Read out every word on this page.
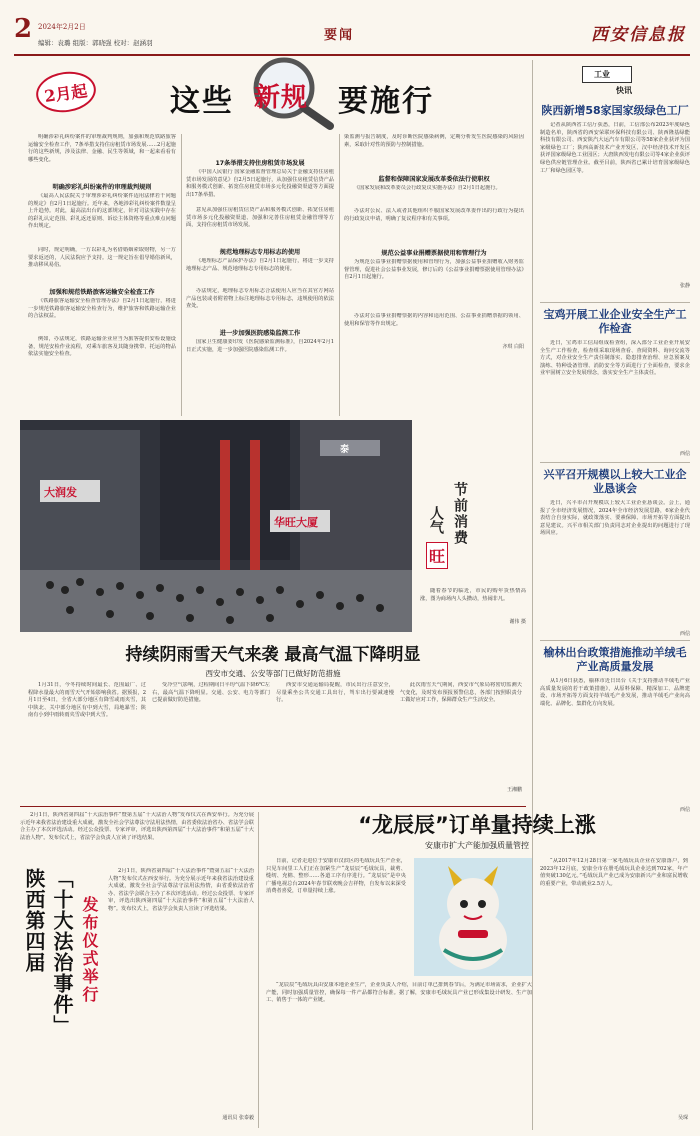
2 2024年2月2日
编辑：袁璐 组版：郭晓强 校对：赵涵羽	要闻	西安信息报
2月起	这些 新规 要施行
明确涉彩礼纠纷案件的审理裁判规则，加强和规范铁路旅客运输安全检查工作，7条举措支持住房租赁市场发展……2月起施行的这些新规，涉及法律、金融、民生等领域，和一起来看看有哪些变化。
明确涉彩礼纠纷案件的审理裁判规则
《最高人民法院关于审理涉彩礼纠纷案件适用法律若干问题的规定》自2月1日起施行。近年来，各地涉彩礼纠纷案件数量呈上升趋势。对此，最高法出台的这部规定，针对司法实践中存在的彩礼认定范围、彩礼返还原则、诉讼主体资格等重点难点问题作出规定。
同时，规定明确，一方以彩礼为名借婚姻索取财物，另一方要求返还的，人民法院应予支持。这一规定旨在倡导婚俗新风，推动移风易俗。
加强和规范铁路旅客运输安全检查工作
《铁路旅客运输安全检查管理办法》自2月1日起施行，将进一步规范铁路旅客运输安全检查行为，维护旅客和铁路运输企业的合法权益。
例如，办法规定，铁路运输企业应当为旅客提供安检设施设备，规范安检作业流程，对乘车旅客及其随身携带、托运的物品依法实施安全检查。
17条举措支持住房租赁市场发展
《中国人民银行 国家金融监督管理总局关于金融支持住房租赁市场发展的意见》自2月5日起施行，从加强住房租赁信贷产品和服务模式创新、拓宽住房租赁市场多元化投融资渠道等方面提出17条举措。
意见从加强住房租赁信贷产品和服务模式创新、拓宽住房租赁市场多元化投融资渠道、加强和完善住房租赁金融管理等方面，支持住房租赁市场发展。
规范地理标志专用标志的使用
《地理标志产品保护办法》自2月1日起施行，将进一步支持地理标志产品、规范地理标志专用标志的使用。
办法规定，地理标志专用标志合法使用人应当在其官方网站产品包装或者附着物上标注地理标志专用标志，违规使用的依法查处。
进一步加强医院感染监测工作
国家卫生健康委印发《医院感染监测标准》，自2024年2月1日正式实施，进一步加强医院感染监测工作。
染监测与报告制度，及时诊断医院感染病例，定期分析发生医院感染的风险因素，采取针对性的预防与控制措施。
监督和保障国家发展改革委依法行使职权
《国家发展和改革委员会行政复议实施办法》自2月1日起施行。
办法对公民、法人或者其他组织不服国家发展改革委作出的行政行为提出的行政复议申请，明确了复议程序和有关事项。
规范公益事业捐赠票据使用和管理行为
为规范公益事业捐赠票据使用和管理行为，加强公益事业捐赠收入财务监督管理，促进社会公益事业发展，修订后的《公益事业捐赠票据使用管理办法》自2月1日起施行。
办法对公益事业捐赠票据的内容和适用范围、公益事业捐赠票据的领用、使用和保管等作出规定。
齐琪 白阳
工业
快讯
陕西新增58家国家级绿色工厂
记者从陕西省工信厅获悉，日前，工信部公布2023年度绿色制造名单，陕西省的西安荣联环保科技有限公司、陕西隆基绿能科技有限公司、西安陕汽大运汽车有限公司等58家企业获评为国家级绿色工厂；陕西高新技术产业开发区、汉中经济技术开发区获评国家级绿色工业园区；大唐陕西发电有限公司等4家企业获评绿色供应链管理企业。截至目前，陕西省已累计培育国家级绿色工厂和绿色园区等。
张静
宝鸡开展工业企业安全生产工作检查
近日，宝鸡市工信局组成检查组，深入部分工业企业开展安全生产工作检查，检查组采取现场查看、查阅资料、询问交流等方式，对企业安全生产责任制落实、隐患排查治理、应急预案及演练、特种设备管理、消防安全等方面进行了全面检查，要求企业牢固树立安全发展理念，落实安全生产主体责任。
西信
兴平召开规模以上较大工业企业恳谈会
近日，兴平市召开规模以上较大工业企业恳谈会。会上，通报了全市经济发展情况，2024年全市经济发展思路，6家企业代表结合自身实际，就政策落实、要素保障、市场开拓等方面提出意见建议。兴平市相关部门负责同志对企业提出的问题进行了现场回应。
西信
榆林出台政策措施推动羊绒毛产业高质量发展
从1月6日获悉，榆林市近日出台《关于支持推动羊绒毛产业高质量发展的若干政策措施》，从原料保障、精深加工、品牌建设、市场开拓等方面支持羊绒毛产业发展，推动羊绒毛产业向高端化、品牌化、集群化方向发展。
西信
大润发
华旺大厦
泰
节前消费
人气
旺
随着春节的临近，市民的购年货热情高涨，图为商场内人头攒动，热闹非凡。
谢伟 摄
持续阴雨雪天气来袭 最高气温下降明显
西安市交通、公安等部门已做好防范措施
1月31日，今冬持续时间最长、范围最广、过程降水量最大的雨雪天气开始影响我省。据预报，2月1日至4日，全省大部分地区有降雪或雨夹雪，其中陕北、关中部分地区有中到大雪，局地暴雪；陕南有小到中雨转雨夹雪或中到大雪。
受冷空气影响，过程期间日平均气温下降6℃左右，最高气温下降明显。交通、公安、电力等部门已提前做好防范措施。
西安市交通运输局提醒，市民出行注意安全，尽量乘坐公共交通工具出行，驾车出行要减速慢行。
此次雨雪天气期间，西安市气象局将密切监测天气变化，及时发布预报预警信息，各部门按照职责分工做好应对工作，保障群众生产生活安全。
王湘鹏
2月1日，陕西省第四届“十大法治事件”暨第五届“十大法治人物”发布仪式在西安举行。为充分展示近年来我省法治建设重大成就，激发全社会学法尊法守法用法热情，由省委依法治省办、省法学会联合主办了本次评选活动。经过公众投票、专家评审，评选出陕西第四届“十大法治事件”和第五届“十大法治人物”。发布仪式上，省法学会负责人宣读了评选结果。
陕西第四届 「十大法治事件」 发布仪式举行
2月1日，陕西省第四届“十大法治事件”暨第五届“十大法治人物”发布仪式在西安举行。为充分展示近年来我省法治建设重大成就，激发全社会学法尊法守法用法热情，由省委依法治省办、省法学会联合主办了本次评选活动。经过公众投票、专家评审，评选出陕西第四届“十大法治事件”和第五届“十大法治人物”。发布仪式上，省法学会负责人宣读了评选结果。
通讯员 张泰毅
“龙辰辰”订单量持续上涨
安康市扩大产能加强质量管控
日前，记者走进位于安康市汉滨区的毛绒玩具生产企业，只见车间里工人们正在加紧生产“龙辰辰”毛绒玩具，裁剪、缝纫、充棉、整形……各道工序有序进行。“龙辰辰”是中央广播电视总台2024年春节联欢晚会吉祥物，自发布以来深受消费者喜爱，订单量持续上涨。
“龙辰辰”毛绒玩具由安康本地企业生产，企业负责人介绍，目前订单已排到春节后，为满足市场需求，企业扩大产能，同时加强质量管控，确保每一件产品都符合标准。据了解，安康市毛绒玩具产业已形成集设计研发、生产加工、销售于一体的产业链。
“从2017年12月28日第一家毛绒玩具企业在安康落户，到2023年12月底，安康全市在册毛绒玩具企业达到702家，年产值突破130亿元。”毛绒玩具产业已成为安康新兴产业和富民增收的重要产业，带动就业2.5万人。
吴琛
